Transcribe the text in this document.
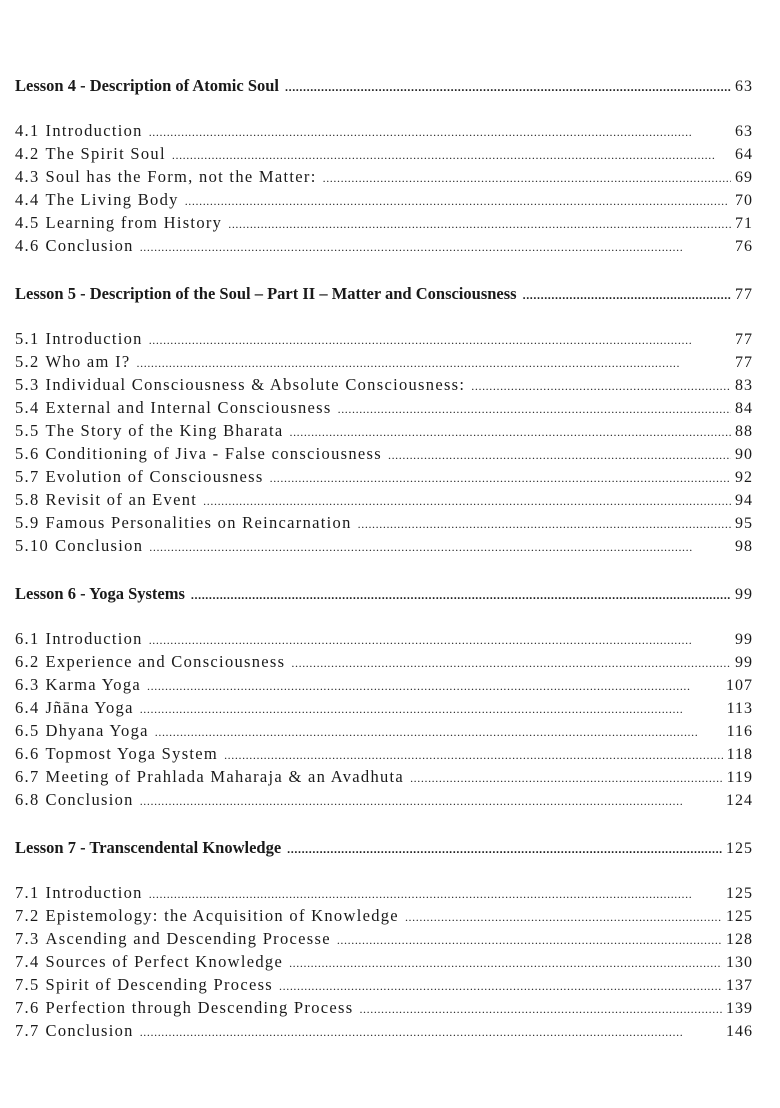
Lesson 4 - Description of Atomic Soul . . .	63
4.1 Introduction . . .	63
4.2 The Spirit Soul . . .	64
4.3 Soul has the Form, not the Matter: . . .	69
4.4 The Living Body . . .	70
4.5 Learning from History . . .	71
4.6 Conclusion . . .	76
Lesson 5 - Description of the Soul – Part II – Matter and Consciousness . . .	77
5.1 Introduction . . .	77
5.2 Who am I? . . .	77
5.3 Individual Consciousness & Absolute Consciousness: . . .	83
5.4 External and Internal Consciousness . . .	84
5.5 The Story of the King Bharata . . .	88
5.6 Conditioning of Jiva - False consciousness . . .	90
5.7 Evolution of Consciousness . . .	92
5.8 Revisit of an Event . . .	94
5.9 Famous Personalities on Reincarnation . . .	95
5.10 Conclusion . . .	98
Lesson 6 - Yoga Systems . . .	99
6.1 Introduction . . .	99
6.2 Experience and Consciousness . . .	99
6.3 Karma Yoga . . .	107
6.4 Jñāna Yoga . . .	113
6.5 Dhyana Yoga . . .	116
6.6 Topmost Yoga System . . .	118
6.7 Meeting of Prahlada Maharaja & an Avadhuta . . .	119
6.8 Conclusion . . .	124
Lesson 7 - Transcendental Knowledge . . .	125
7.1 Introduction . . .	125
7.2 Epistemology: the Acquisition of Knowledge . . .	125
7.3 Ascending and Descending Processe . . .	128
7.4 Sources of Perfect Knowledge . . .	130
7.5 Spirit of Descending Process . . .	137
7.6 Perfection through Descending Process . . .	139
7.7 Conclusion . . .	146
